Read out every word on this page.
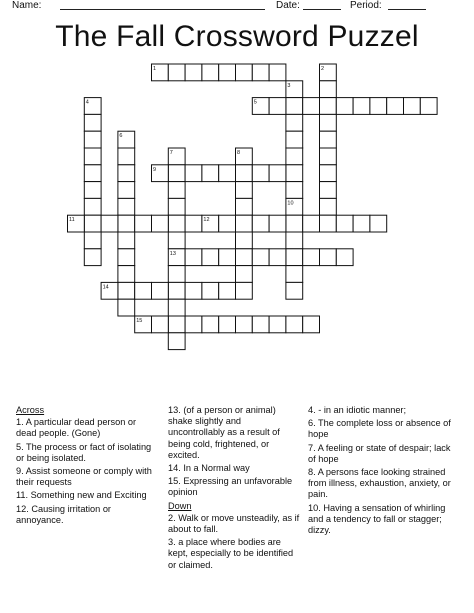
Name:	Date:	Period:
The Fall Crossword Puzzel
1	2
3
4	5
6
7	8
9
10
11	12
13
14
15
Across
1. A particular dead person or dead people. (Gone)
5. The process or fact of isolating or being isolated.
9. Assist someone or comply with their requests
11. Something new and Exciting
12. Causing irritation or annoyance.
13. (of a person or animal) shake slightly and uncontrollably as a result of being cold, frightened, or excited.
14. In a Normal way
15. Expressing an unfavorable opinion
Down
2. Walk or move unsteadily, as if about to fall.
3. a place where bodies are kept, especially to be identified or claimed.
4. - in an idiotic manner;
6. The complete loss or absence of hope
7. A feeling or state of despair; lack of hope
8. A persons face looking strained from illness, exhaustion, anxiety, or pain.
10. Having a sensation of whirling and a tendency to fall or stagger; dizzy.
